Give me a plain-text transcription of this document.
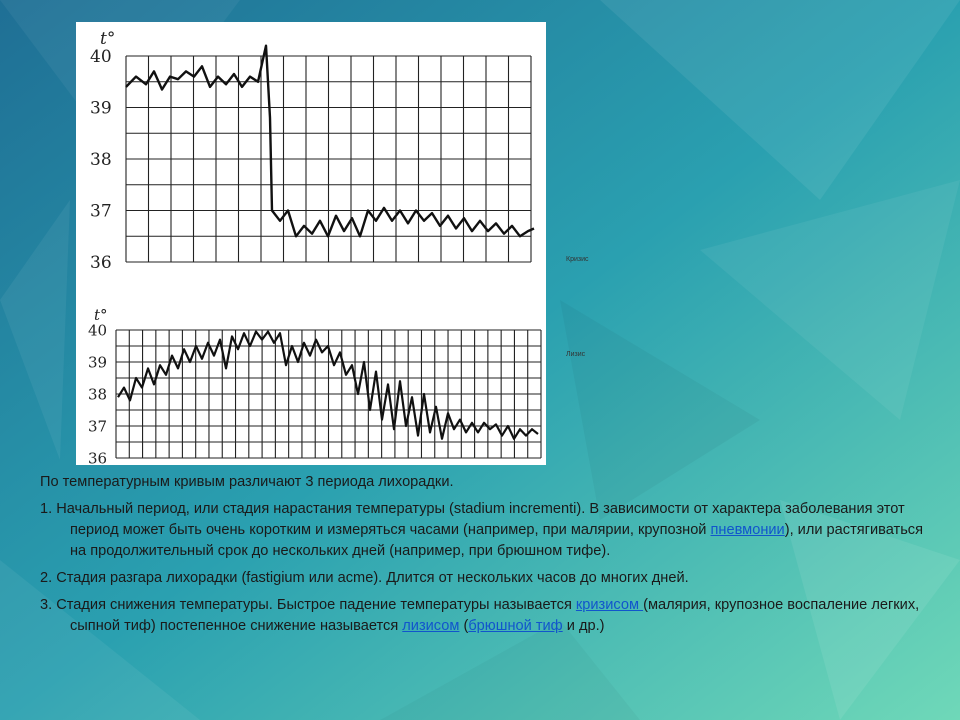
t°
40
39
38
37
36
t°
40
39
38
37
36
Кризис
Лизис

По температурным кривым различают 3 периода лихорадки.

1. Начальный период, или стадия нарастания температуры (stadium incrementi). В зависимости от характера заболевания этот период может быть очень коротким и измеряться часами (например, при малярии, крупозной пневмонии), или растягиваться на продолжительный срок до нескольких дней (например, при брюшном тифе).

2. Стадия разгара лихорадки (fastigium или acme). Длится от нескольких часов до многих дней.

3. Стадия снижения температуры. Быстрое падение температуры называется кризисом (малярия, крупозное воспаление легких, сыпной тиф) постепенное снижение называется лизисом (брюшной тиф и др.)
